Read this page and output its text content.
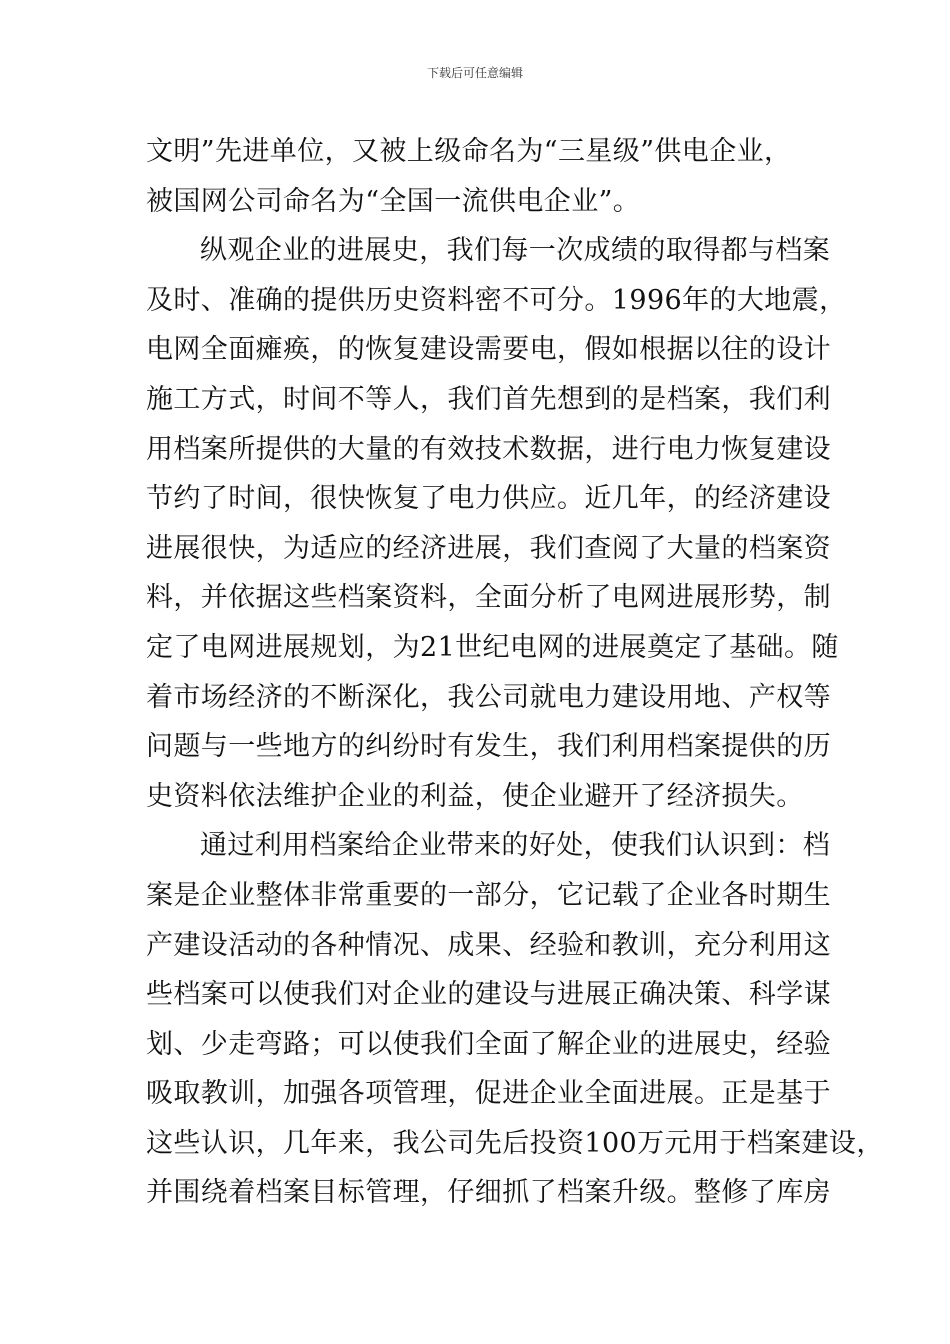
下载后可任意编辑
文明”先进单位，又被上级命名为“三星级”供电企业，
被国网公司命名为“全国一流供电企业”。
纵观企业的进展史，我们每一次成绩的取得都与档案
及时、准确的提供历史资料密不可分。1996年的大地震，
电网全面瘫痪，的恢复建设需要电，假如根据以往的设计
施工方式，时间不等人，我们首先想到的是档案，我们利
用档案所提供的大量的有效技术数据，进行电力恢复建设
节约了时间，很快恢复了电力供应。近几年，的经济建设
进展很快，为适应的经济进展，我们查阅了大量的档案资
料，并依据这些档案资料，全面分析了电网进展形势，制
定了电网进展规划，为21世纪电网的进展奠定了基础。随
着市场经济的不断深化，我公司就电力建设用地、产权等
问题与一些地方的纠纷时有发生，我们利用档案提供的历
史资料依法维护企业的利益，使企业避开了经济损失。
通过利用档案给企业带来的好处，使我们认识到：档
案是企业整体非常重要的一部分，它记载了企业各时期生
产建设活动的各种情况、成果、经验和教训，充分利用这
些档案可以使我们对企业的建设与进展正确决策、科学谋
划、少走弯路；可以使我们全面了解企业的进展史，经验
吸取教训，加强各项管理，促进企业全面进展。正是基于
这些认识，几年来，我公司先后投资100万元用于档案建设，
并围绕着档案目标管理，仔细抓了档案升级。整修了库房
